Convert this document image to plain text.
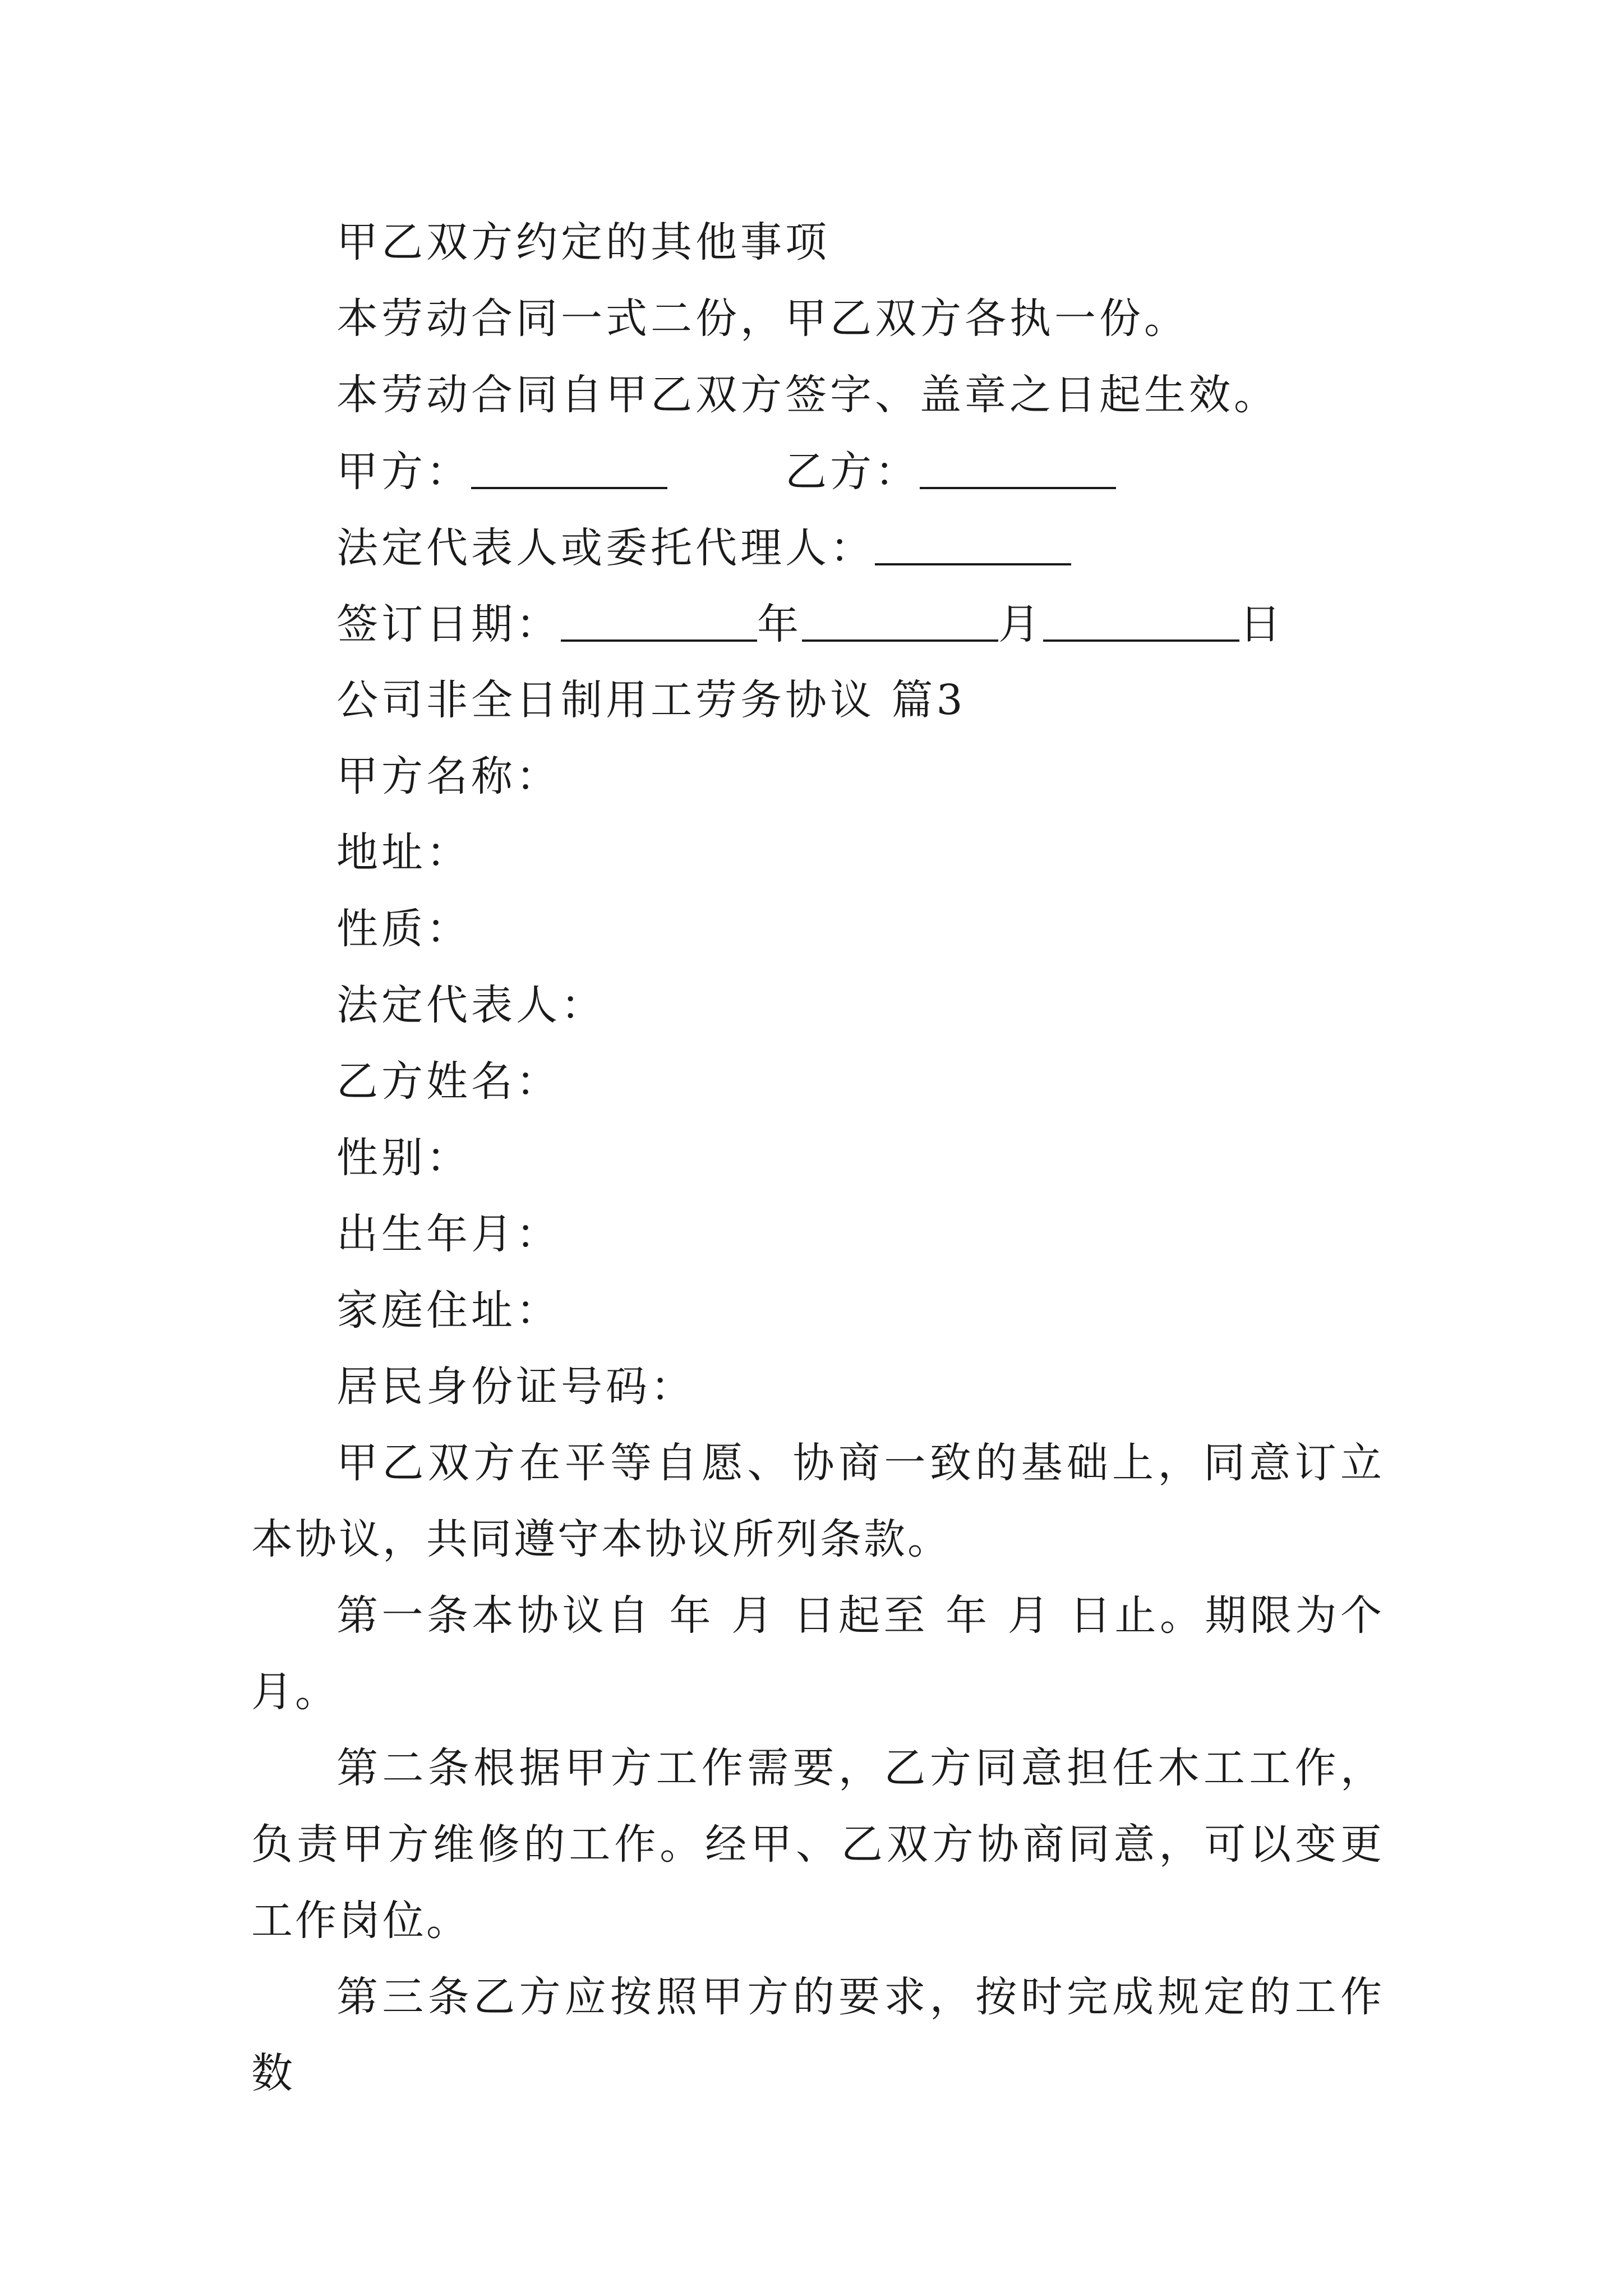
甲乙双方约定的其他事项
本劳动合同一式二份，甲乙双方各执一份。
本劳动合同自甲乙双方签字、盖章之日起生效。
甲方：	乙方：
法定代表人或委托代理人：
签订日期：	年	月	日
公司非全日制用工劳务协议 篇3
甲方名称：
地址：
性质：
法定代表人：
乙方姓名：
性别：
出生年月：
家庭住址：
居民身份证号码：
甲乙双方在平等自愿、协商一致的基础上，同意订立本协议，共同遵守本协议所列条款。
第一条本协议自 年 月 日起至 年 月 日止。期限为个月。
第二条根据甲方工作需要，乙方同意担任木工工作，负责甲方维修的工作。经甲、乙双方协商同意，可以变更工作岗位。
第三条乙方应按照甲方的要求，按时完成规定的工作数
